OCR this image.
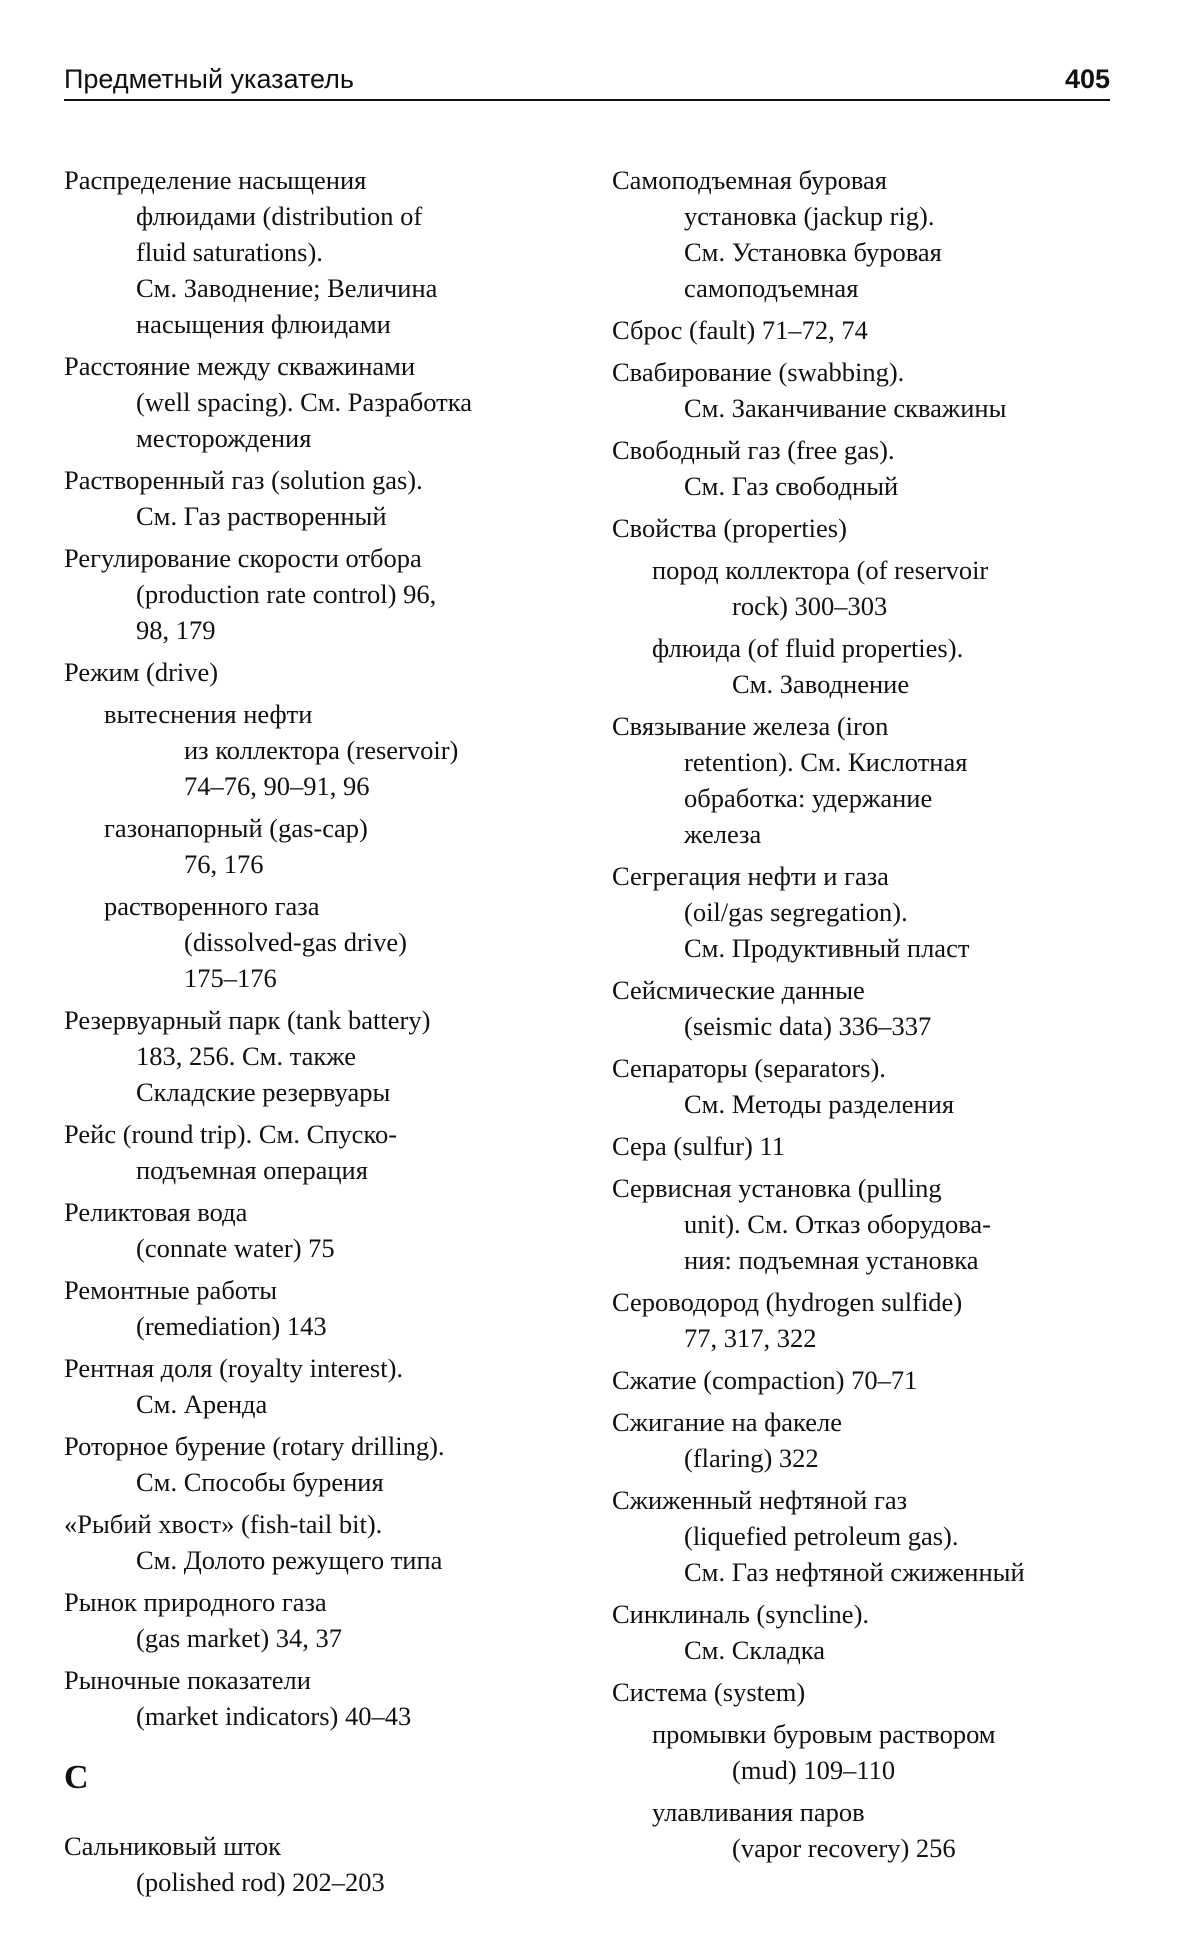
Предметный указатель	405
Распределение насыщения
флюидами (distribution of
fluid saturations).
См. Заводнение; Величина
насыщения флюидами
Расстояние между скважинами
(well spacing). См. Разработка
месторождения
Растворенный газ (solution gas).
См. Газ растворенный
Регулирование скорости отбора
(production rate control) 96,
98, 179
Режим (drive)
вытеснения нефти
из коллектора (reservoir)
74–76, 90–91, 96
газонапорный (gas-cap)
76, 176
растворенного газа
(dissolved-gas drive)
175–176
Резервуарный парк (tank battery)
183, 256. См. также
Складские резервуары
Рейс (round trip). См. Спуско-
подъемная операция
Реликтовая вода
(connate water) 75
Ремонтные работы
(remediation) 143
Рентная доля (royalty interest).
См. Аренда
Роторное бурение (rotary drilling).
См. Способы бурения
«Рыбий хвост» (fish-tail bit).
См. Долото режущего типа
Рынок природного газа
(gas market) 34, 37
Рыночные показатели
(market indicators) 40–43
С
Сальниковый шток
(polished rod) 202–203
Самоподъемная буровая
установка (jackup rig).
См. Установка буровая
самоподъемная
Сброс (fault) 71–72, 74
Свабирование (swabbing).
См. Заканчивание скважины
Свободный газ (free gas).
См. Газ свободный
Свойства (properties)
пород коллектора (of reservoir
rock) 300–303
флюида (of fluid properties).
См. Заводнение
Связывание железа (iron
retention). См. Кислотная
обработка: удержание
железа
Сегрегация нефти и газа
(oil/gas segregation).
См. Продуктивный пласт
Сейсмические данные
(seismic data) 336–337
Сепараторы (separators).
См. Методы разделения
Сера (sulfur) 11
Сервисная установка (pulling
unit). См. Отказ оборудова-
ния: подъемная установка
Сероводород (hydrogen sulfide)
77, 317, 322
Сжатие (compaction) 70–71
Сжигание на факеле
(flaring) 322
Сжиженный нефтяной газ
(liquefied petroleum gas).
См. Газ нефтяной сжиженный
Синклиналь (syncline).
См. Складка
Система (system)
промывки буровым раствором
(mud) 109–110
улавливания паров
(vapor recovery) 256
